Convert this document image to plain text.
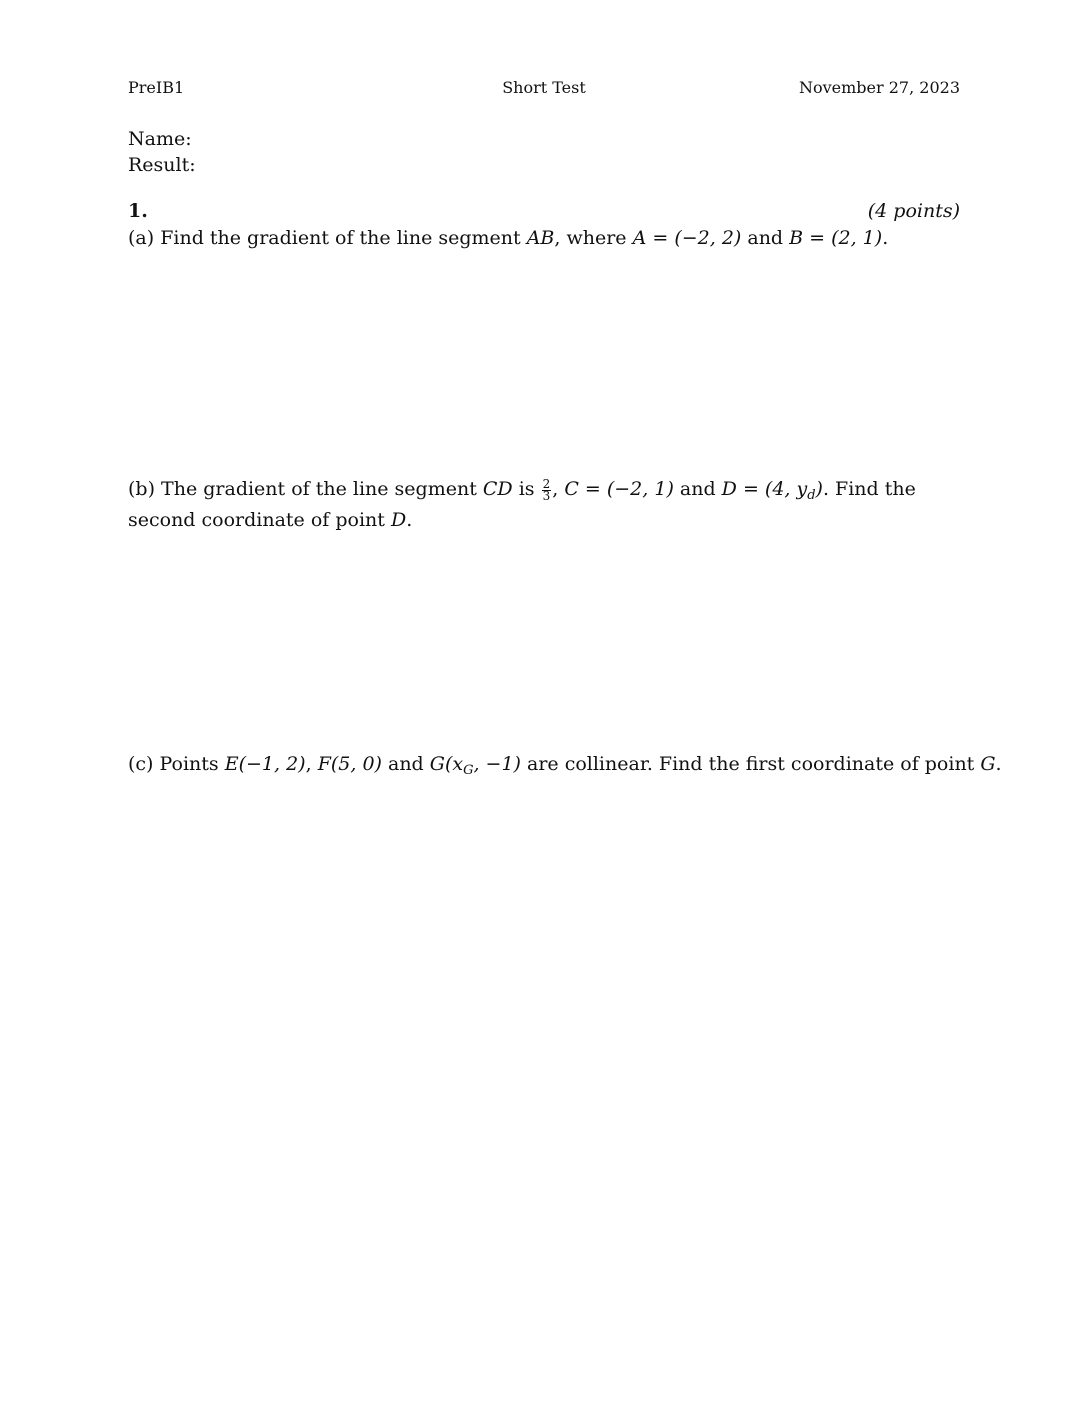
PreIB1	Short Test	November 27, 2023
Name:
Result:
1.	(4 points)
(a) Find the gradient of the line segment AB, where A = (−2, 2) and B = (2, 1).
(b) The gradient of the line segment CD is $\frac{2}{3}$ , C = (−2, 1) and D = (4, $y_d$). Find the second coordinate of point D.
(c) Points E(−1, 2), F(5, 0) and $G(x_G$, −1) are collinear. Find the first coordinate of point G.
